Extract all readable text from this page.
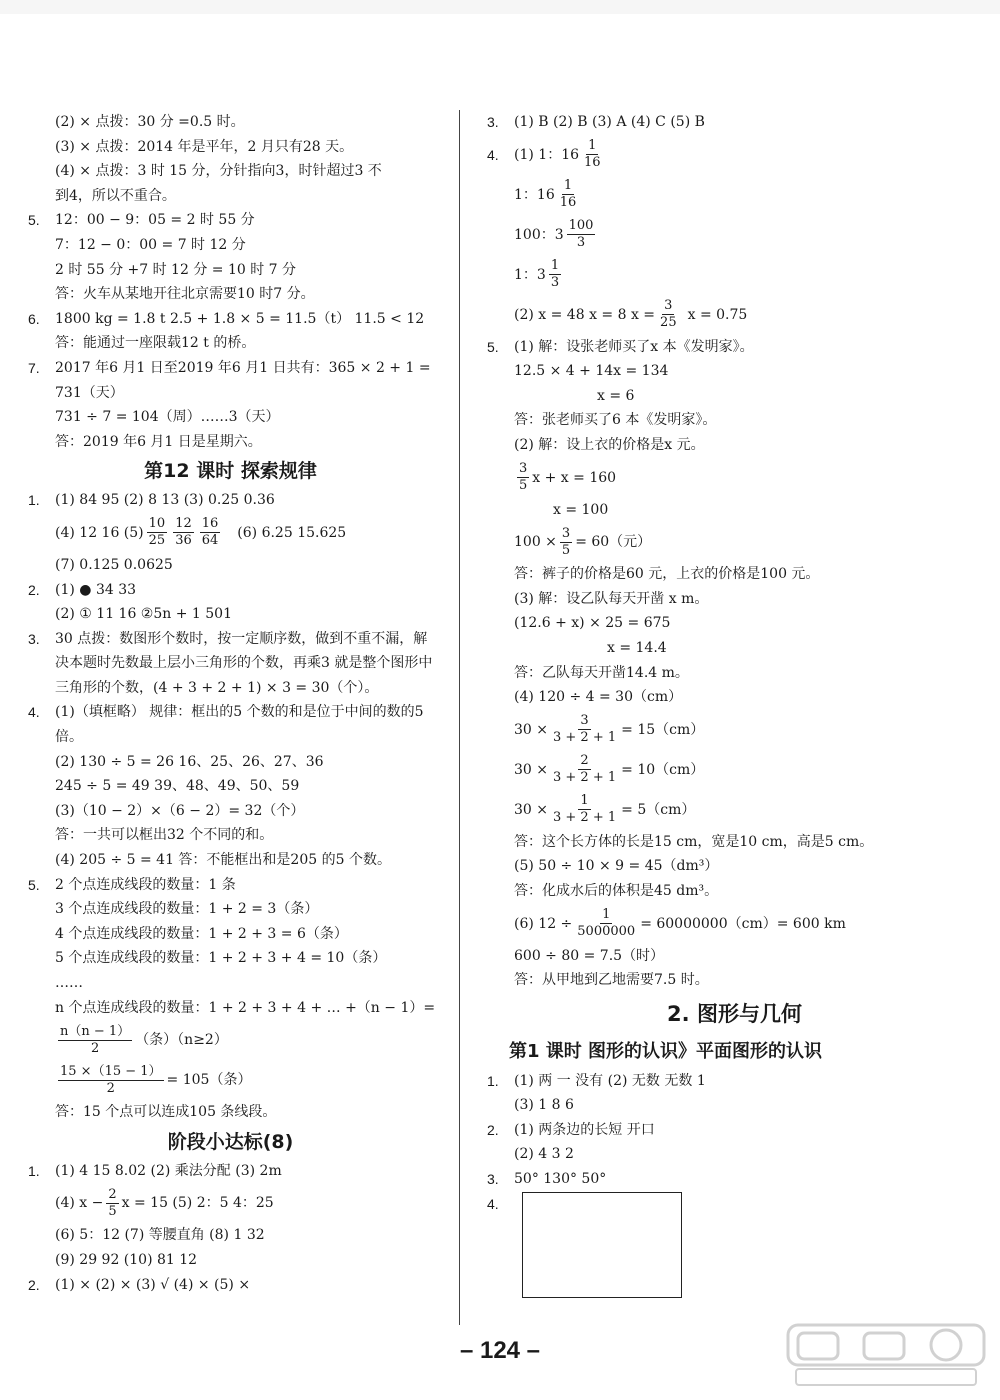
(2) × 点拨：30 分 =0.5 时。
(3) × 点拨：2014 年是平年，2 月只有28 天。
(4) × 点拨：3 时 15 分，分针指向3，时针超过3 不
到4，所以不重合。
5. 12：00 − 9：05 = 2 时 55 分
7：12 − 0：00 = 7 时 12 分
2 时 55 分 +7 时 12 分 = 10 时 7 分
答：火车从某地开往北京需要10 时7 分。
6. 1800 kg = 1.8 t 2.5 + 1.8 × 5 = 11.5（t） 11.5 < 12
答：能通过一座限载12 t 的桥。
7. 2017 年6 月1 日至2019 年6 月1 日共有：365 × 2 + 1 =
731（天）
731 ÷ 7 = 104（周）……3（天）
答：2019 年6 月1 日是星期六。
第12 课时 探索规律
1. (1) 84 95 (2) 8 13 (3) 0.25 0.36
(4) 12 16 $(5) \frac{10}{25} \frac{12}{36} \frac{16}{64} (6)$ 6.25 15.625
(7) 0.125 0.0625
2. (1) ● 34 33
(2) ① 11 16 ②5n + 1 501
3. 30 点拨：数图形个数时，按一定顺序数，做到不重不漏，解决本题时先数最上层小三角形的个数，再乘3 就是整个图形中三角形的个数，(4 + 3 + 2 + 1) × 3 = 30（个）。
4. (1)（填框略） 规律：框出的5 个数的和是位于中间的数的5 倍。
(2) 130 ÷ 5 = 26 16、25、26、27、36
245 ÷ 5 = 49 39、48、49、50、59
(3)（10 − 2）×（6 − 2）= 32（个）
答：一共可以框出32 个不同的和。
(4) 205 ÷ 5 = 41 答：不能框出和是205 的5 个数。
5. 2 个点连成线段的数量：1 条
3 个点连成线段的数量：1 + 2 = 3（条）
4 个点连成线段的数量：1 + 2 + 3 = 6（条）
5 个点连成线段的数量：1 + 2 + 3 + 4 = 10（条）
……
n 个点连成线段的数量：1 + 2 + 3 + 4 + … +（n − 1）=
$\frac{n(n - 1)}{2}$ （条）（n≥2）
$\frac{15 \times(15 - 1)}{2} = 105$（条）
答：15 个点可以连成105 条线段。
阶段小达标(8)
1. (1) 4 15 8.02 (2) 乘法分配 (3) 2m
(4) $x - \frac{2}{5}$ x = 15 (5) 2：5 4：25
(6) 5：12 (7) 等腰直角 (8) 1 32
(9) 29 92 (10) 81 12
2. (1) × (2) × (3) √ (4) × (5) ×
3. (1) B (2) B (3) A (4) C (5) B
4. (1) 1：$16 \frac{1}{16}$
1：$16 \frac{1}{16}$
100：$3 \frac{100}{3}$
1：$3 \frac{1}{3}$
(2) x = 48 x = 8 $x = \frac{3}{25}$ x = 0.75
5. (1) 解：设张老师买了x 本《发明家》。
12.5 × 4 + 14x = 134
x = 6
答：张老师买了6 本《发明家》。
(2) 解：设上衣的价格是x 元。
$\frac{3}{5}$ x + x = 160
x = 100
$100 \times \frac{3}{5} = 60$（元）
答：裤子的价格是60 元，上衣的价格是100 元。
(3) 解：设乙队每天开凿 x m。
(12.6 + x) × 25 = 675
x = 14.4
答：乙队每天开凿14.4 m。
(4) 120 ÷ 4 = 30（cm）
$30 \times \frac{3}{3 + 2 + 1} = 15(cm)$
$30 \times \frac{2}{3 + 2 + 1} = 10(cm)$
$30 \times \frac{1}{3 + 2 + 1} = 5(cm)$
答：这个长方体的长是15 cm，宽是10 cm，高是5 cm。
(5) 50 ÷ 10 × 9 = 45（dm³）
答：化成水后的体积是45 dm³。
(6) $12 \div \frac{1}{5000000} = 60000000(cm)= 600$ km
600 ÷ 80 = 7.5（时）
答：从甲地到乙地需要7.5 时。
2. 图形与几何
第1 课时 图形的认识》平面图形的认识
1. (1) 两 一 没有 (2) 无数 无数 1
(3) 1 8 6
2. (1) 两条边的长短 开口
(2) 4 3 2
3. 50° 130° 50°
4.
– 124 –
